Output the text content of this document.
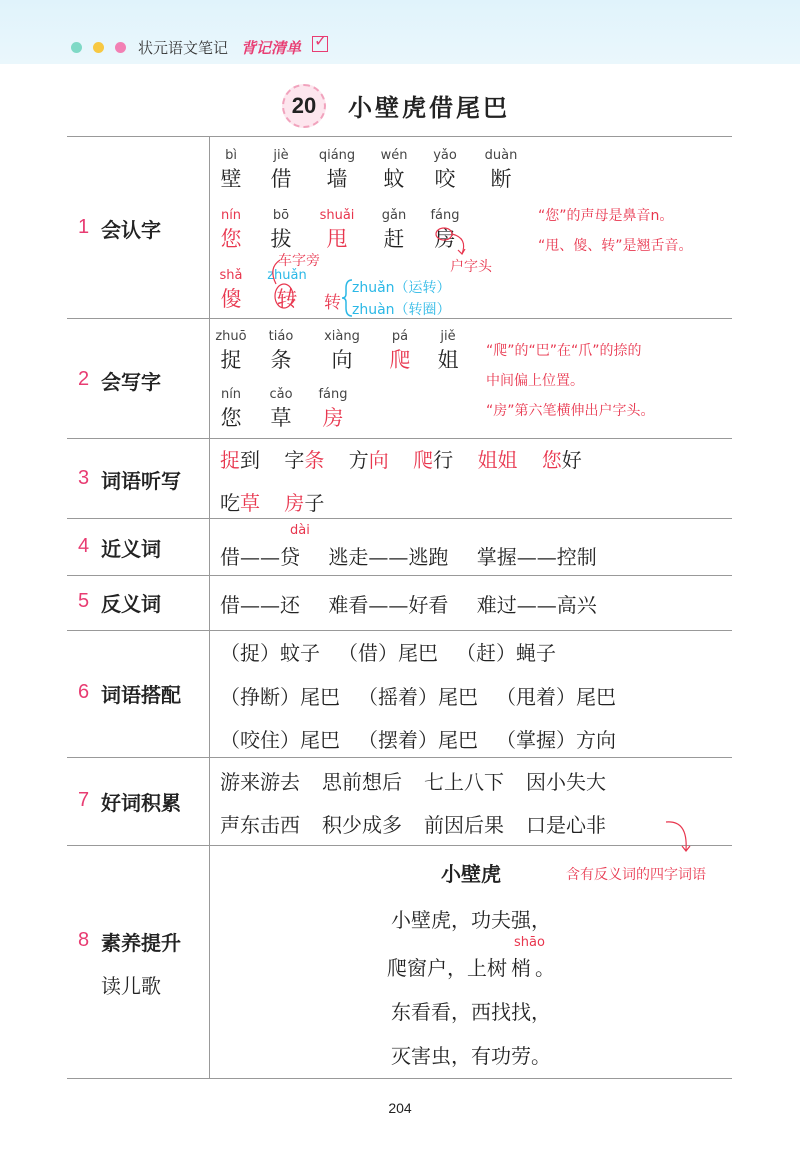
状元语文笔记 背记清单 ✓
20	小壁虎借尾巴
1 会认字
2 会写字
3 词语听写
4 近义词
5 反义词
6 词语搭配
7 好词积累
8 素养提升
读儿歌
bì
壁
jiè
借
qiáng
墙
wén
蚊
yǎo
咬
duàn
断
nín
您
bō
拔
shuǎi
甩
gǎn
赶
fáng
房
shǎ
傻
zhuǎn
转
“您”的声母是鼻音n。
“甩、傻、转”是翘舌音。
车字旁	户字头
转
zhuǎn（运转）
zhuàn（转圈）
zhuō
捉
tiáo
条
xiàng
向
pá
爬
jiě
姐
nín
您
cǎo
草
fáng
房
“爬”的“巴”在“爪”的捺的
中间偏上位置。
“房”第六笔横伸出户字头。
捉到 字条 方向 爬行 姐姐 您好
吃草 房子
dài
借——贷 逃走——逃跑 掌握——控制
借——还 难看——好看 难过——高兴
（捉）蚊子 （借）尾巴 （赶）蝇子
（挣断）尾巴 （摇着）尾巴 （甩着）尾巴
（咬住）尾巴 （摆着）尾巴 （掌握）方向
游来游去 思前想后 七上八下 因小失大
声东击西 积少成多 前因后果 口是心非
含有反义词的四字词语
小壁虎
小壁虎，功夫强，
shāo
爬窗户，上树 梢 。
东看看，西找找，
灭害虫，有功劳。
204
